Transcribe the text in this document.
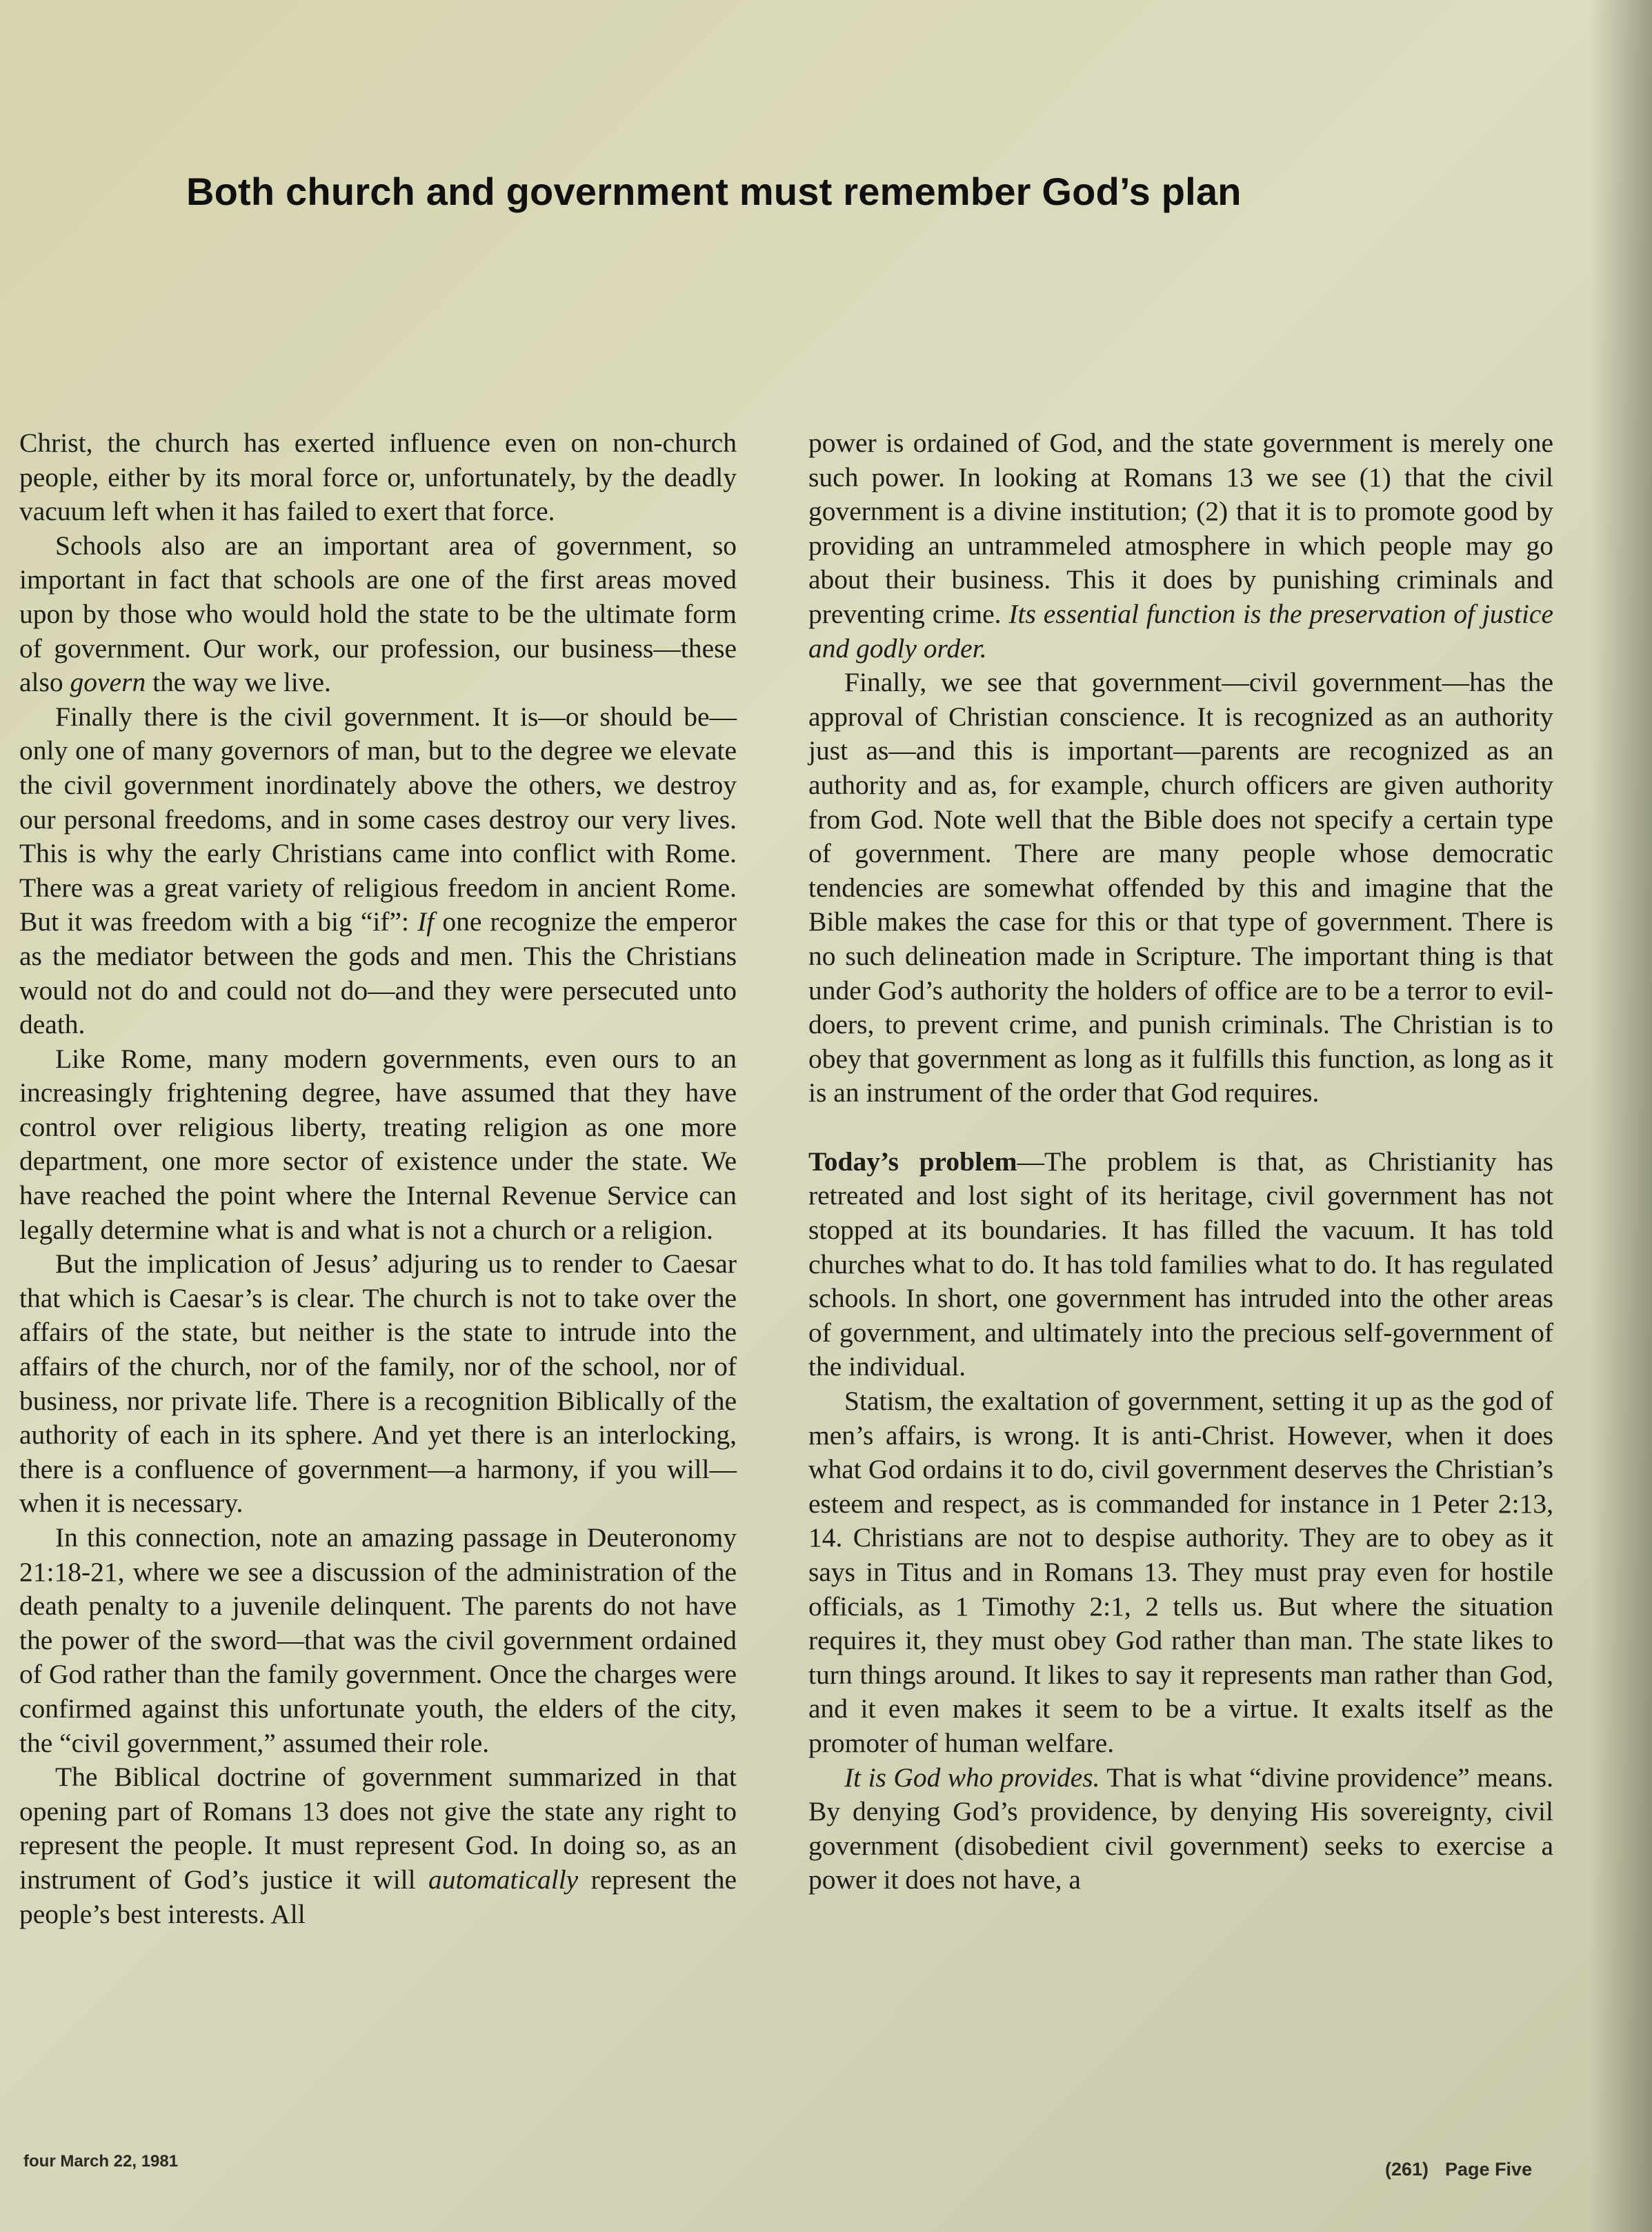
Both church and government must remember God’s plan

Christ, the church has exerted influence even on non-church people, either by its moral force or, unfortunately, by the deadly vacuum left when it has failed to exert that force.

Schools also are an important area of government, so important in fact that schools are one of the first areas moved upon by those who would hold the state to be the ultimate form of government. Our work, our profession, our business—these also govern the way we live.

Finally there is the civil government. It is—or should be—only one of many governors of man, but to the degree we elevate the civil government inordinately above the others, we destroy our personal freedoms, and in some cases destroy our very lives. This is why the early Christians came into conflict with Rome. There was a great variety of religious freedom in ancient Rome. But it was freedom with a big “if”: If one recognize the emperor as the mediator between the gods and men. This the Christians would not do and could not do—and they were persecuted unto death.

Like Rome, many modern governments, even ours to an increasingly frightening degree, have assumed that they have control over religious liberty, treating religion as one more department, one more sector of existence under the state. We have reached the point where the Internal Revenue Service can legally determine what is and what is not a church or a religion.

But the implication of Jesus’ adjuring us to render to Caesar that which is Caesar’s is clear. The church is not to take over the affairs of the state, but neither is the state to intrude into the affairs of the church, nor of the family, nor of the school, nor of business, nor private life. There is a recognition Biblically of the authority of each in its sphere. And yet there is an interlocking, there is a confluence of government—a harmony, if you will—when it is necessary.

In this connection, note an amazing passage in Deuteronomy 21:18-21, where we see a discussion of the administration of the death penalty to a juvenile delinquent. The parents do not have the power of the sword—that was the civil government ordained of God rather than the family government. Once the charges were confirmed against this unfortunate youth, the elders of the city, the “civil government,” assumed their role.

The Biblical doctrine of government summarized in that opening part of Romans 13 does not give the state any right to represent the people. It must represent God. In doing so, as an instrument of God’s justice it will automatically represent the people’s best interests. All

power is ordained of God, and the state government is merely one such power. In looking at Romans 13 we see (1) that the civil government is a divine institution; (2) that it is to promote good by providing an untrammeled atmosphere in which people may go about their business. This it does by punishing criminals and preventing crime. Its essential function is the preservation of justice and godly order.

Finally, we see that government—civil government—has the approval of Christian conscience. It is recognized as an authority just as—and this is important—parents are recognized as an authority and as, for example, church officers are given authority from God. Note well that the Bible does not specify a certain type of government. There are many people whose democratic tendencies are somewhat offended by this and imagine that the Bible makes the case for this or that type of government. There is no such delineation made in Scripture. The important thing is that under God’s authority the holders of office are to be a terror to evil-doers, to prevent crime, and punish criminals. The Christian is to obey that government as long as it fulfills this function, as long as it is an instrument of the order that God requires.

Today’s problem—The problem is that, as Christianity has retreated and lost sight of its heritage, civil government has not stopped at its boundaries. It has filled the vacuum. It has told churches what to do. It has told families what to do. It has regulated schools. In short, one government has intruded into the other areas of government, and ultimately into the precious self-government of the individual.

Statism, the exaltation of government, setting it up as the god of men’s affairs, is wrong. It is anti-Christ. However, when it does what God ordains it to do, civil government deserves the Christian’s esteem and respect, as is commanded for instance in 1 Peter 2:13, 14. Christians are not to despise authority. They are to obey as it says in Titus and in Romans 13. They must pray even for hostile officials, as 1 Timothy 2:1, 2 tells us. But where the situation requires it, they must obey God rather than man. The state likes to turn things around. It likes to say it represents man rather than God, and it even makes it seem to be a virtue. It exalts itself as the promoter of human welfare.

It is God who provides. That is what “divine providence” means. By denying God’s providence, by denying His sovereignty, civil government (disobedient civil government) seeks to exercise a power it does not have, a

four March 22, 1981	(261) Page Five
